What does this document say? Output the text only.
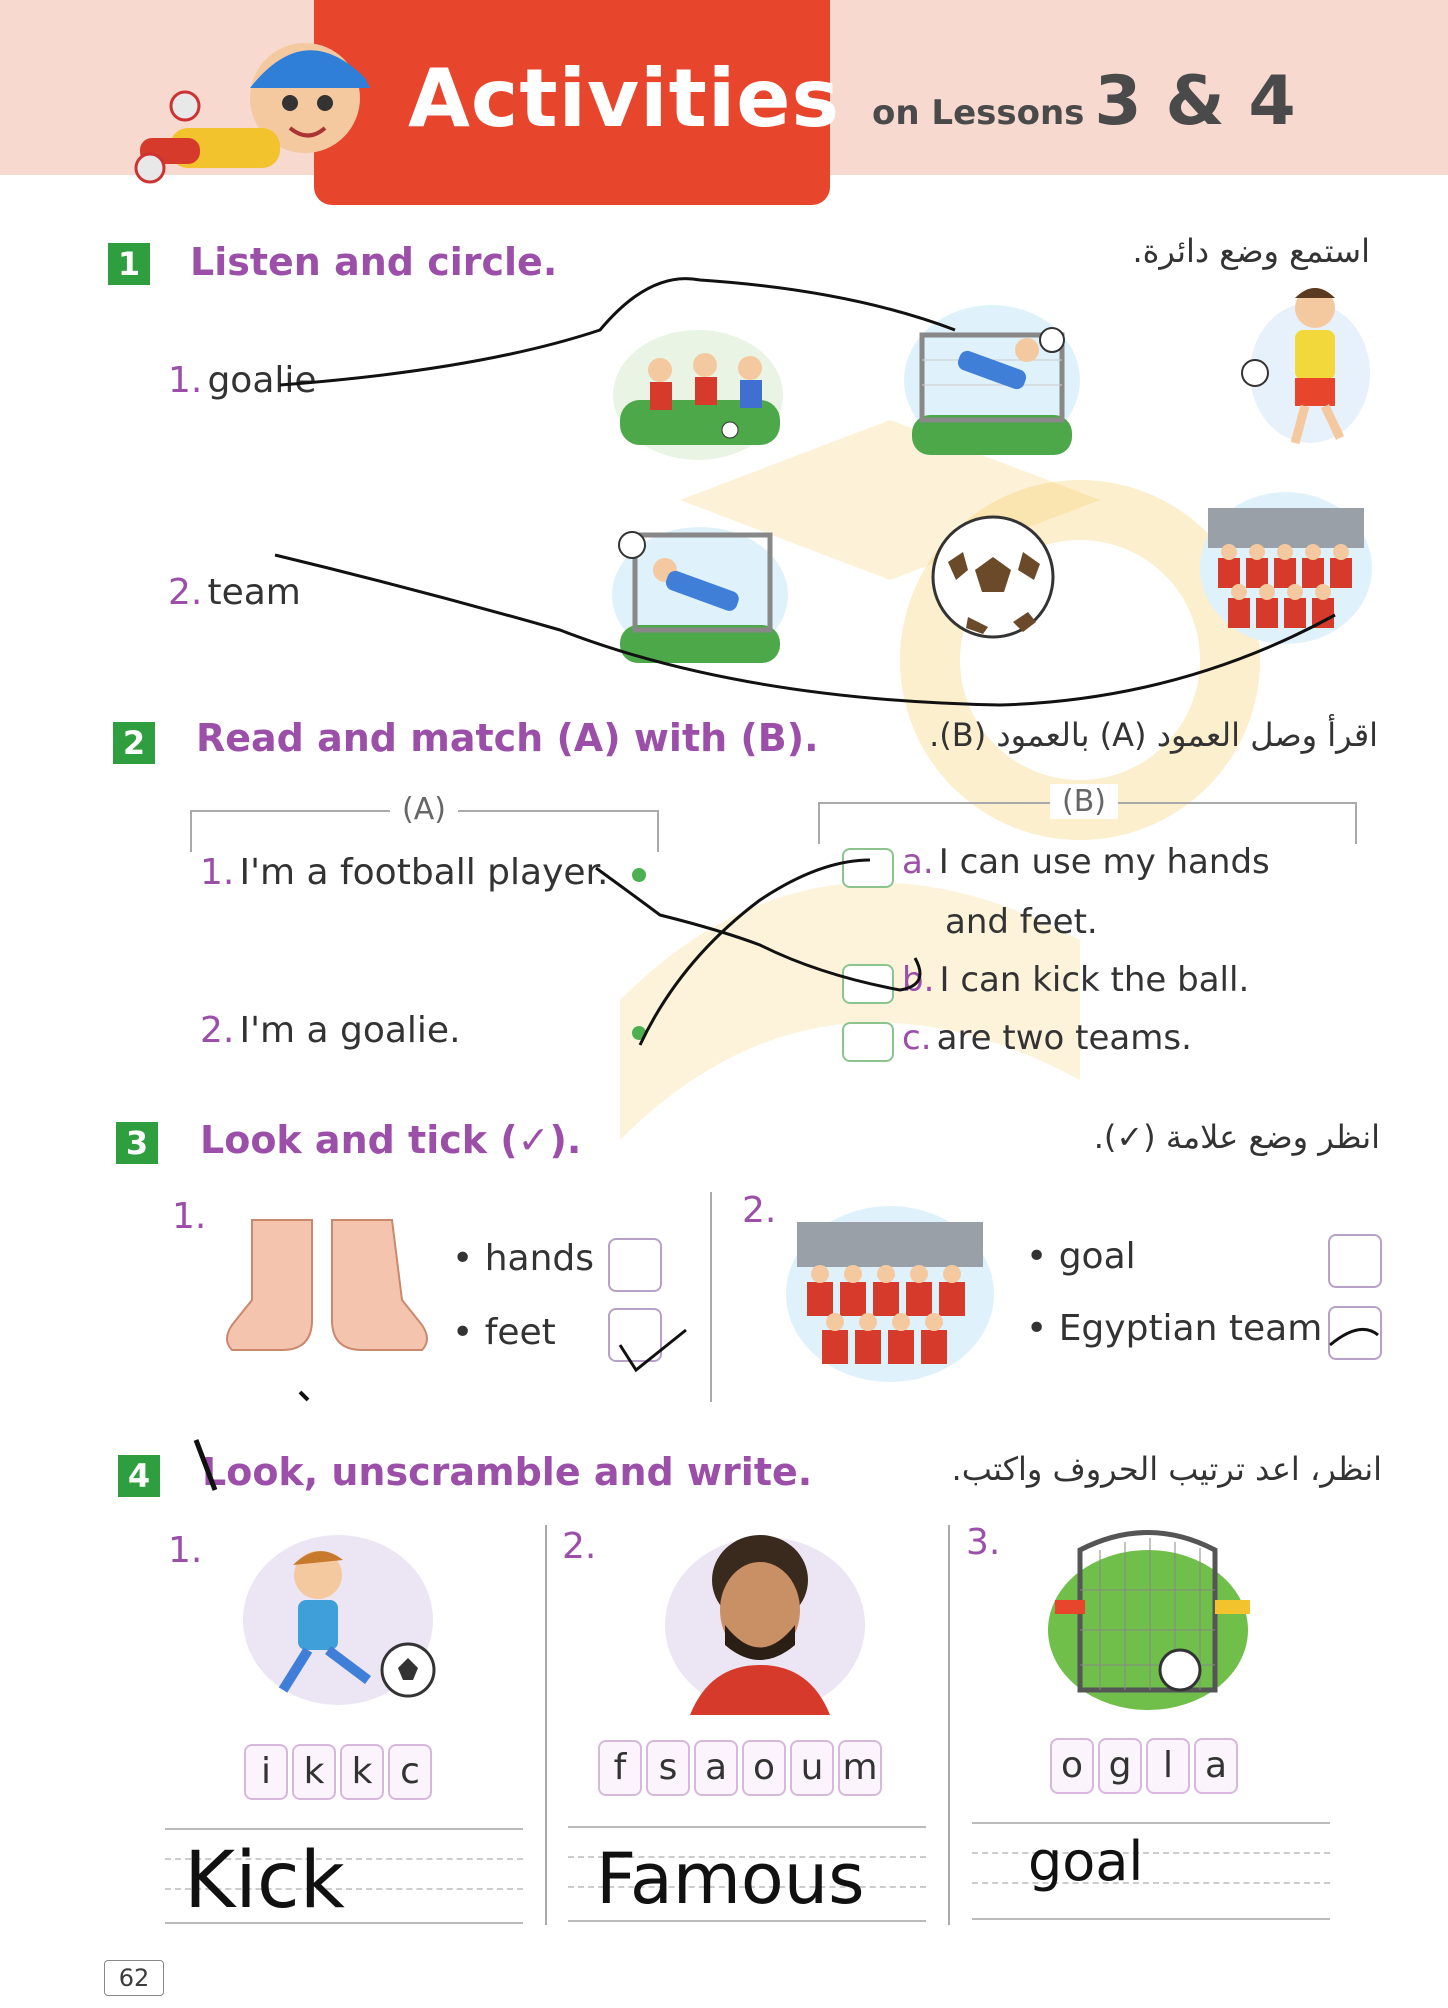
Activities on Lessons 3 & 4
1 Listen and circle.	استمع وضع دائرة.
1. goalie
2. team
2 Read and match (A) with (B).	اقرأ وصل العمود (A) بالعمود (B).
(A)	(B)
1. I'm a football player.
2. I'm a goalie.
a. I can use my hands
and feet.
b. I can kick the ball.
c. are two teams.
3 Look and tick (✓).	انظر وضع علامة (✓).
1.
• hands
• feet
2.
• goal
• Egyptian team
4 Look, unscramble and write.	انظر، اعد ترتيب الحروف واكتب.
1.
i k k c
Kick
2.
f s a o u m
Famous
3.
o g l a
goal
62
